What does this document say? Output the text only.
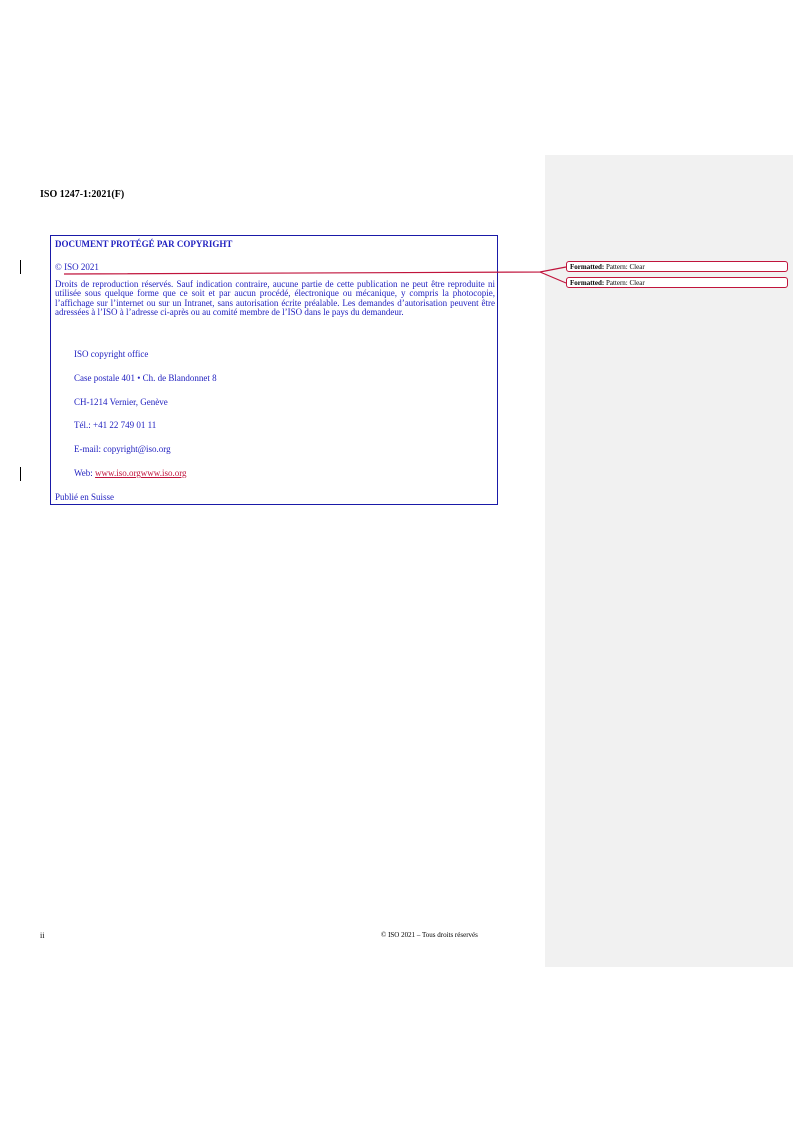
ISO 1247-1:2021(F)
DOCUMENT PROTÉGÉ PAR COPYRIGHT
© ISO 2021
Droits de reproduction réservés. Sauf indication contraire, aucune partie de cette publication ne peut être reproduite ni utilisée sous quelque forme que ce soit et par aucun procédé, électronique ou mécanique, y compris la photocopie, l’affichage sur l’internet ou sur un Intranet, sans autorisation écrite préalable. Les demandes d’autorisation peuvent être adressées à l’ISO à l’adresse ci-après ou au comité membre de l’ISO dans le pays du demandeur.
ISO copyright office
Case postale 401 • Ch. de Blandonnet 8
CH-1214 Vernier, Genève
Tél.: +41 22 749 01 11
E-mail: copyright@iso.org
Web: www.iso.orgwww.iso.org
Publié en Suisse
Formatted: Pattern: Clear
Formatted: Pattern: Clear
ii	© ISO 2021 – Tous droits réservés
